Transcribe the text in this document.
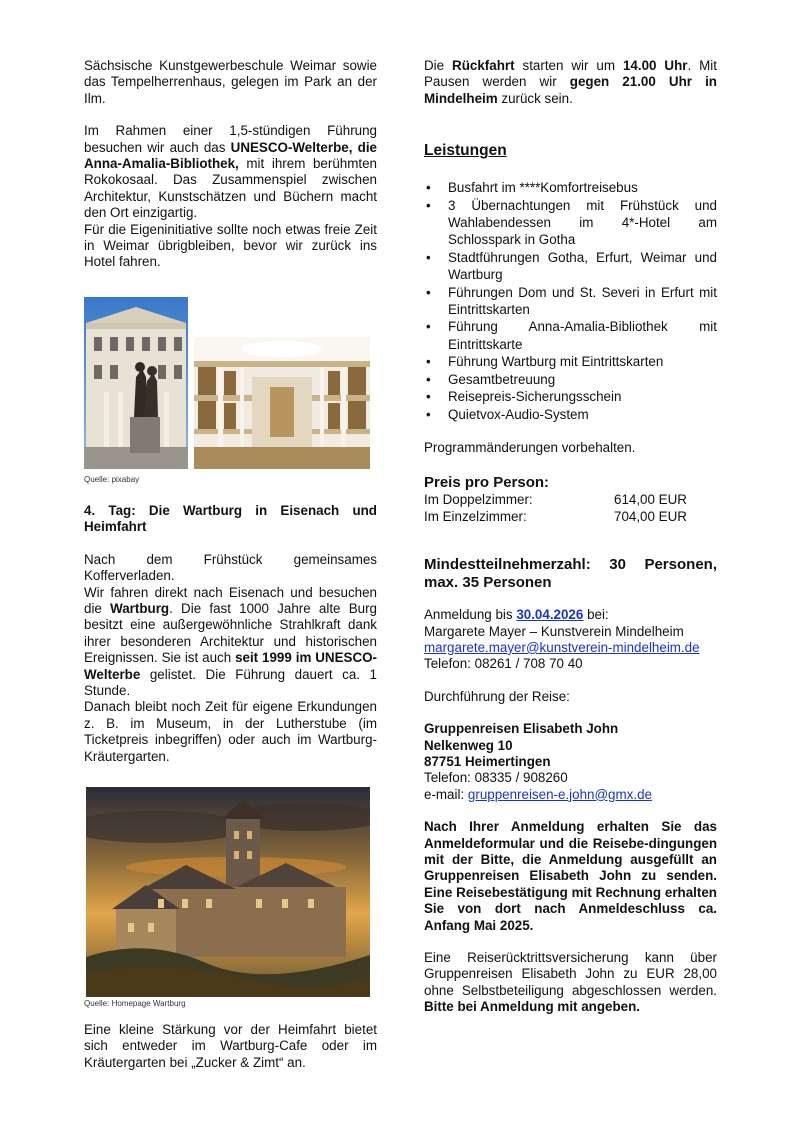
Sächsische Kunstgewerbeschule Weimar sowie das Tempelherrenhaus, gelegen im Park an der Ilm.

Im Rahmen einer 1,5-stündigen Führung besuchen wir auch das UNESCO-Welterbe, die Anna-Amalia-Bibliothek, mit ihrem berühmten Rokokosaal. Das Zusammenspiel zwischen Architektur, Kunstschätzen und Büchern macht den Ort einzigartig.

Für die Eigeninitiative sollte noch etwas freie Zeit in Weimar übrigbleiben, bevor wir zurück ins Hotel fahren.

Quelle: pixabay
4. Tag: Die Wartburg in Eisenach und Heimfahrt

Nach dem Frühstück gemeinsames Kofferverladen.

Wir fahren direkt nach Eisenach und besuchen die Wartburg. Die fast 1000 Jahre alte Burg besitzt eine außergewöhnliche Strahlkraft dank ihrer besonderen Architektur und historischen Ereignissen. Sie ist auch seit 1999 im UNESCO-Welterbe gelistet. Die Führung dauert ca. 1 Stunde.

Danach bleibt noch Zeit für eigene Erkundungen z. B. im Museum, in der Lutherstube (im Ticketpreis inbegriffen) oder auch im Wartburg-Kräutergarten.

Quelle: Homepage Wartburg

Eine kleine Stärkung vor der Heimfahrt bietet sich entweder im Wartburg-Cafe oder im Kräutergarten bei „Zucker & Zimt“ an.

Die Rückfahrt starten wir um 14.00 Uhr. Mit Pausen werden wir gegen 21.00 Uhr in Mindelheim zurück sein.

Leistungen
• Busfahrt im ****Komfortreisebus
• 3 Übernachtungen mit Frühstück und Wahlabendessen im 4*-Hotel am Schlosspark in Gotha
• Stadtführungen Gotha, Erfurt, Weimar und Wartburg
• Führungen Dom und St. Severi in Erfurt mit Eintrittskarten
• Führung Anna-Amalia-Bibliothek mit Eintrittskarte
• Führung Wartburg mit Eintrittskarten
• Gesamtbetreuung
• Reisepreis-Sicherungsschein
• Quietvox-Audio-System

Programmänderungen vorbehalten.

Preis pro Person:
Im Doppelzimmer:	614,00 EUR
Im Einzelzimmer:	704,00 EUR
Mindestteilnehmerzahl: 30 Personen, max. 35 Personen

Anmeldung bis 30.04.2026 bei:

Margarete Mayer – Kunstverein Mindelheim

margarete.mayer@kunstverein-mindelheim.de

Telefon: 08261 / 708 70 40

Durchführung der Reise:

Gruppenreisen Elisabeth John

Nelkenweg 10

87751 Heimertingen

Telefon: 08335 / 908260

e-mail: gruppenreisen-e.john@gmx.de

Nach Ihrer Anmeldung erhalten Sie das Anmeldeformular und die Reisebe-dingungen mit der Bitte, die Anmeldung ausgefüllt an Gruppenreisen Elisabeth John zu senden. Eine Reisebestätigung mit Rechnung erhalten Sie von dort nach Anmeldeschluss ca. Anfang Mai 2025.

Eine Reiserücktrittsversicherung kann über Gruppenreisen Elisabeth John zu EUR 28,00 ohne Selbstbeteiligung abgeschlossen werden. Bitte bei Anmeldung mit angeben.
